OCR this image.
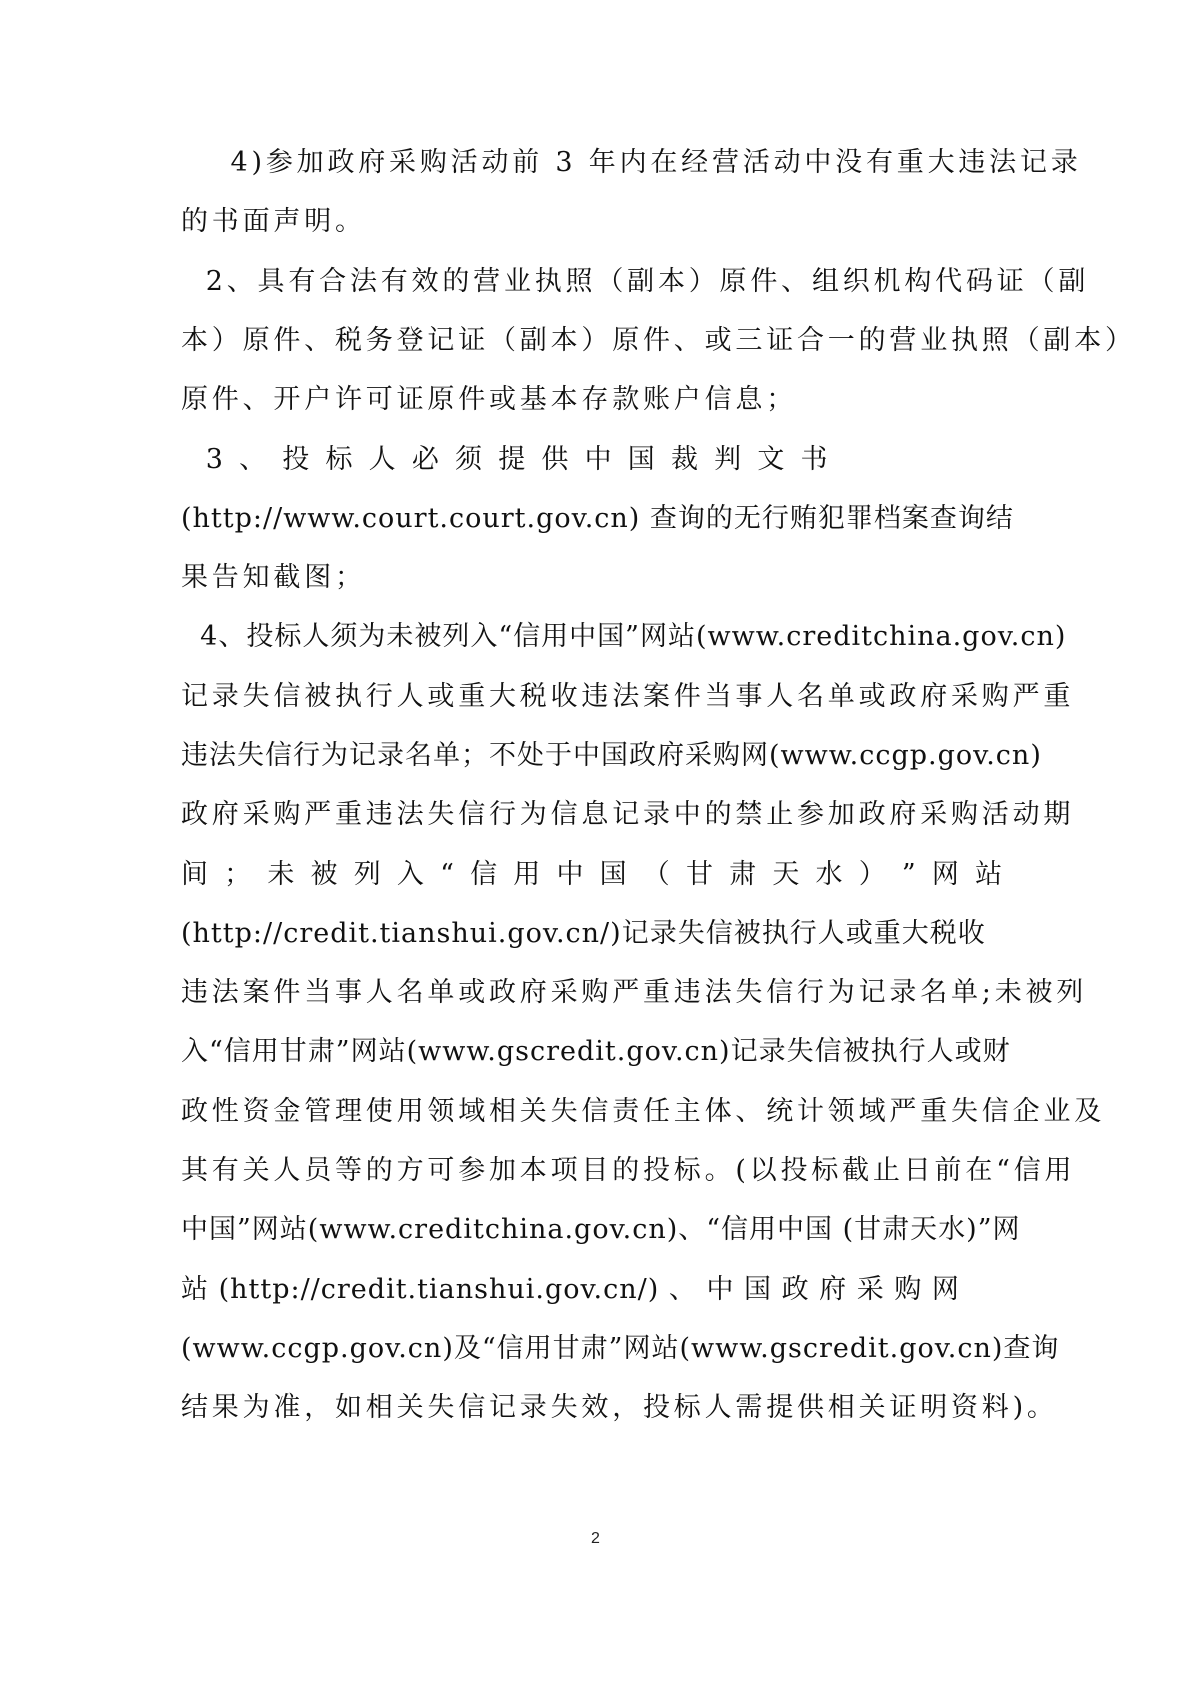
4)参加政府采购活动前 3 年内在经营活动中没有重大违法记录
的书面声明。
2、具有合法有效的营业执照（副本）原件、组织机构代码证（副
本）原件、税务登记证（副本）原件、或三证合一的营业执照（副本）
原件、开户许可证原件或基本存款账户信息；
3 、 投 标 人 必 须 提 供 中 国 裁 判 文 书
(http://www.court.court.gov.cn) 查询的无行贿犯罪档案查询结
果告知截图；
4、投标人须为未被列入“信用中国”网站(www.creditchina.gov.cn)
记录失信被执行人或重大税收违法案件当事人名单或政府采购严重
违法失信行为记录名单；不处于中国政府采购网(www.ccgp.gov.cn)
政府采购严重违法失信行为信息记录中的禁止参加政府采购活动期
间 ； 未 被 列 入 “ 信 用 中 国 （ 甘 肃 天 水 ） ” 网 站
(http://credit.tianshui.gov.cn/)记录失信被执行人或重大税收
违法案件当事人名单或政府采购严重违法失信行为记录名单;未被列
入“信用甘肃”网站(www.gscredit.gov.cn)记录失信被执行人或财
政性资金管理使用领域相关失信责任主体、统计领域严重失信企业及
其有关人员等的方可参加本项目的投标。(以投标截止日前在“信用
中国”网站(www.creditchina.gov.cn)、“信用中国 (甘肃天水)”网
站 (http://credit.tianshui.gov.cn/) 、 中 国 政 府 采 购 网
(www.ccgp.gov.cn)及“信用甘肃”网站(www.gscredit.gov.cn)查询
结果为准，如相关失信记录失效，投标人需提供相关证明资料)。
2
